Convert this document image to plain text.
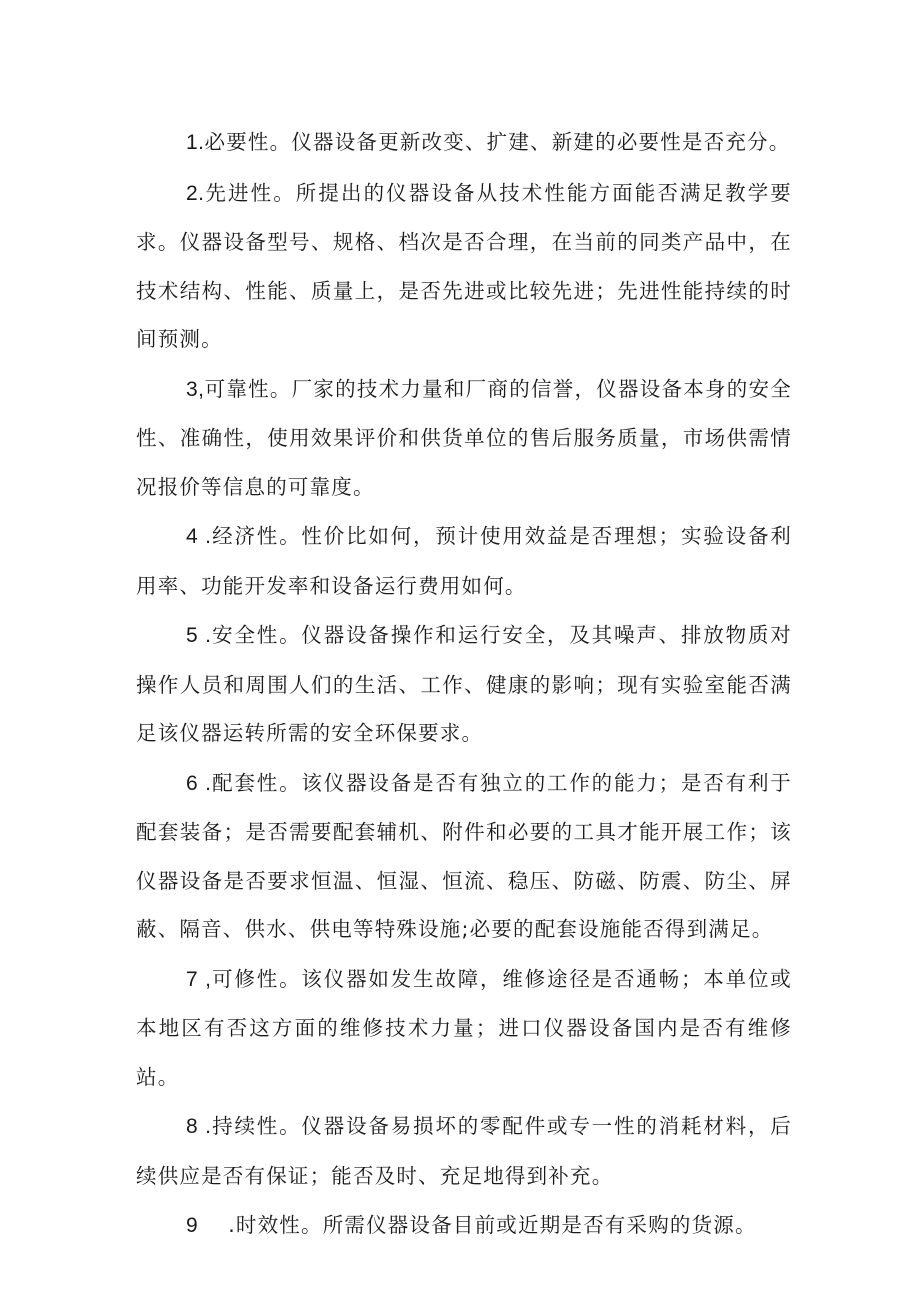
1.必要性。仪器设备更新改变、扩建、新建的必要性是否充分。

2.先进性。所提出的仪器设备从技术性能方面能否满足教学要求。仪器设备型号、规格、档次是否合理，在当前的同类产品中，在技术结构、性能、质量上，是否先进或比较先进；先进性能持续的时间预测。

3,可靠性。厂家的技术力量和厂商的信誉，仪器设备本身的安全性、准确性，使用效果评价和供货单位的售后服务质量，市场供需情况报价等信息的可靠度。

4 .经济性。性价比如何，预计使用效益是否理想；实验设备利用率、功能开发率和设备运行费用如何。

5 .安全性。仪器设备操作和运行安全，及其噪声、排放物质对操作人员和周围人们的生活、工作、健康的影响；现有实验室能否满足该仪器运转所需的安全环保要求。

6 .配套性。该仪器设备是否有独立的工作的能力；是否有利于配套装备；是否需要配套辅机、附件和必要的工具才能开展工作；该仪器设备是否要求恒温、恒湿、恒流、稳压、防磁、防震、防尘、屏蔽、隔音、供水、供电等特殊设施;必要的配套设施能否得到满足。

7 ,可修性。该仪器如发生故障，维修途径是否通畅；本单位或本地区有否这方面的维修技术力量；进口仪器设备国内是否有维修站。

8 .持续性。仪器设备易损坏的零配件或专一性的消耗材料，后续供应是否有保证；能否及时、充足地得到补充。

9 .时效性。所需仪器设备目前或近期是否有采购的货源。
